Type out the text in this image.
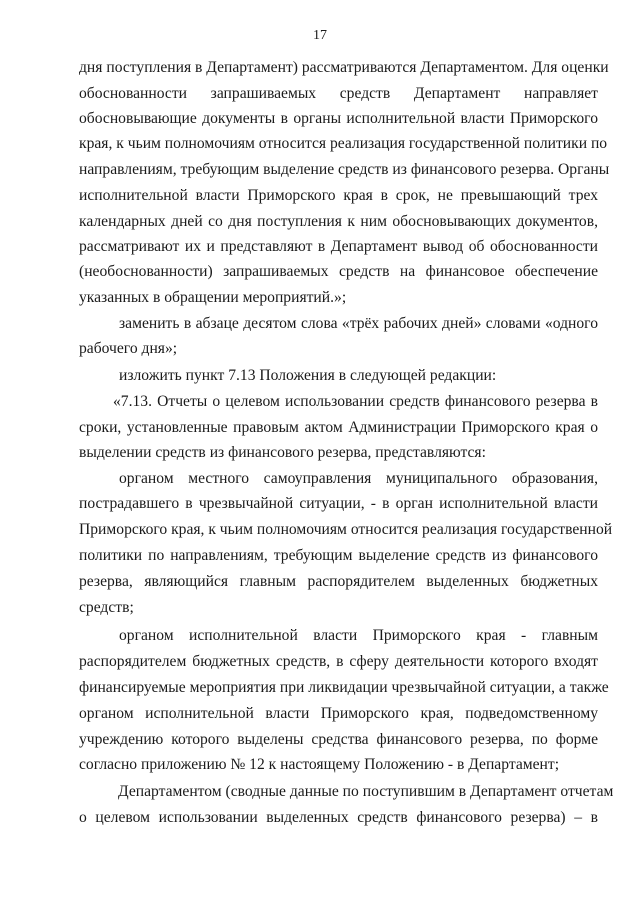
17
дня поступления в Департамент) рассматриваются Департаментом. Для оценки
обоснованности запрашиваемых средств Департамент направляет
обосновывающие документы в органы исполнительной власти Приморского
края, к чьим полномочиям относится реализация государственной политики по
направлениям, требующим выделение средств из финансового резерва. Органы
исполнительной власти Приморского края в срок, не превышающий трех
календарных дней со дня поступления к ним обосновывающих документов,
рассматривают их и представляют в Департамент вывод об обоснованности
(необоснованности) запрашиваемых средств на финансовое обеспечение
указанных в обращении мероприятий.»;
заменить в абзаце десятом слова «трёх рабочих дней» словами «одного
рабочего дня»;
изложить пункт 7.13 Положения в следующей редакции:
«7.13. Отчеты о целевом использовании средств финансового резерва в
сроки, установленные правовым актом Администрации Приморского края о
выделении средств из финансового резерва, представляются:
органом местного самоуправления муниципального образования,
пострадавшего в чрезвычайной ситуации, - в орган исполнительной власти
Приморского края, к чьим полномочиям относится реализация государственной
политики по направлениям, требующим выделение средств из финансового
резерва, являющийся главным распорядителем выделенных бюджетных
средств;
органом исполнительной власти Приморского края - главным
распорядителем бюджетных средств, в сферу деятельности которого входят
финансируемые мероприятия при ликвидации чрезвычайной ситуации, а также
органом исполнительной власти Приморского края, подведомственному
учреждению которого выделены средства финансового резерва, по форме
согласно приложению № 12 к настоящему Положению - в Департамент;
Департаментом (сводные данные по поступившим в Департамент отчетам
о целевом использовании выделенных средств финансового резерва) – в
